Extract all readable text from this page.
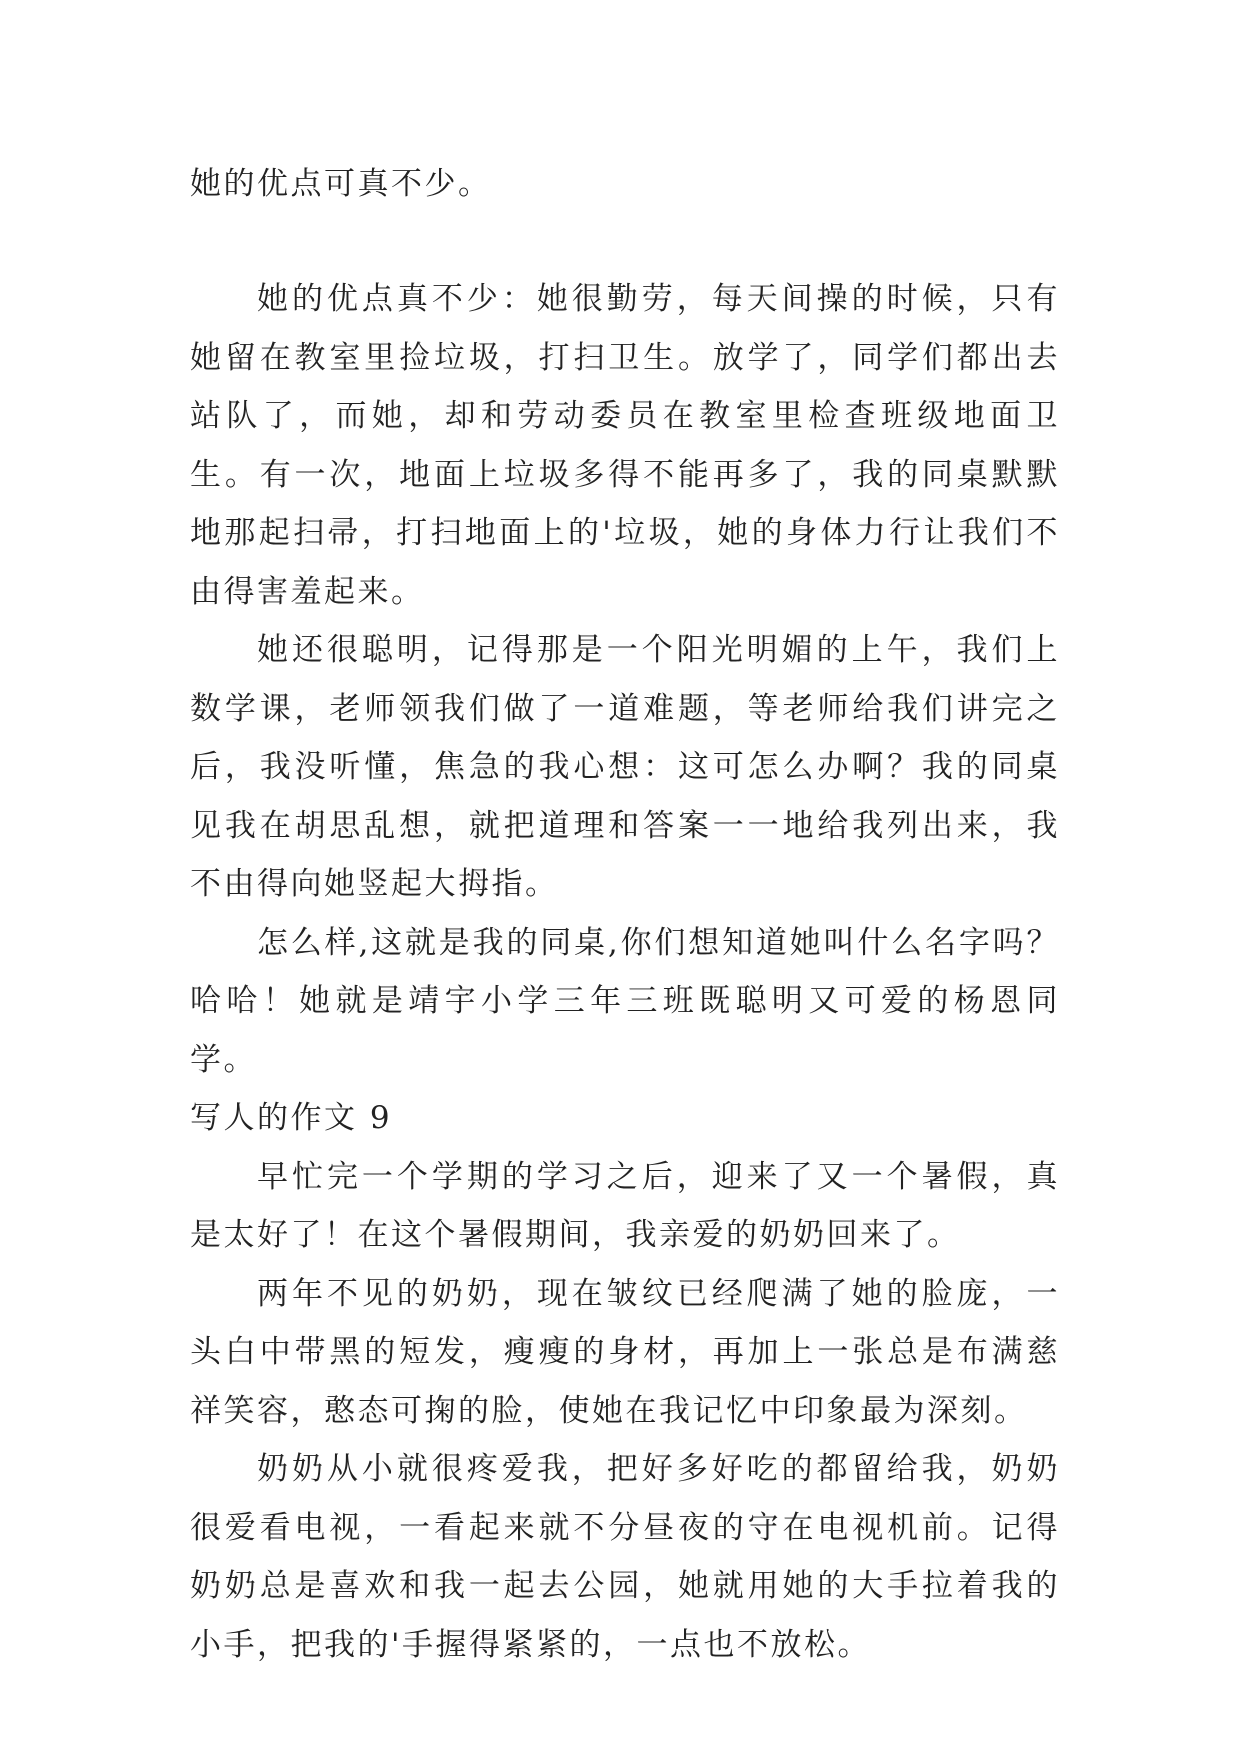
她的优点可真不少。

她的优点真不少：她很勤劳，每天间操的时候，只有她留在教室里捡垃圾，打扫卫生。放学了，同学们都出去站队了，而她，却和劳动委员在教室里检查班级地面卫生。有一次，地面上垃圾多得不能再多了，我的同桌默默地那起扫帚，打扫地面上的'垃圾，她的身体力行让我们不由得害羞起来。

她还很聪明，记得那是一个阳光明媚的上午，我们上数学课，老师领我们做了一道难题，等老师给我们讲完之后，我没听懂，焦急的我心想：这可怎么办啊？我的同桌见我在胡思乱想，就把道理和答案一一地给我列出来，我不由得向她竖起大拇指。

怎么样,这就是我的同桌,你们想知道她叫什么名字吗？哈哈！她就是靖宇小学三年三班既聪明又可爱的杨恩同学。

写人的作文 9

早忙完一个学期的学习之后，迎来了又一个暑假，真是太好了！在这个暑假期间，我亲爱的奶奶回来了。

两年不见的奶奶，现在皱纹已经爬满了她的脸庞，一头白中带黑的短发，瘦瘦的身材，再加上一张总是布满慈祥笑容，憨态可掬的脸，使她在我记忆中印象最为深刻。

奶奶从小就很疼爱我，把好多好吃的都留给我，奶奶很爱看电视，一看起来就不分昼夜的守在电视机前。记得奶奶总是喜欢和我一起去公园，她就用她的大手拉着我的小手，把我的'手握得紧紧的，一点也不放松。
